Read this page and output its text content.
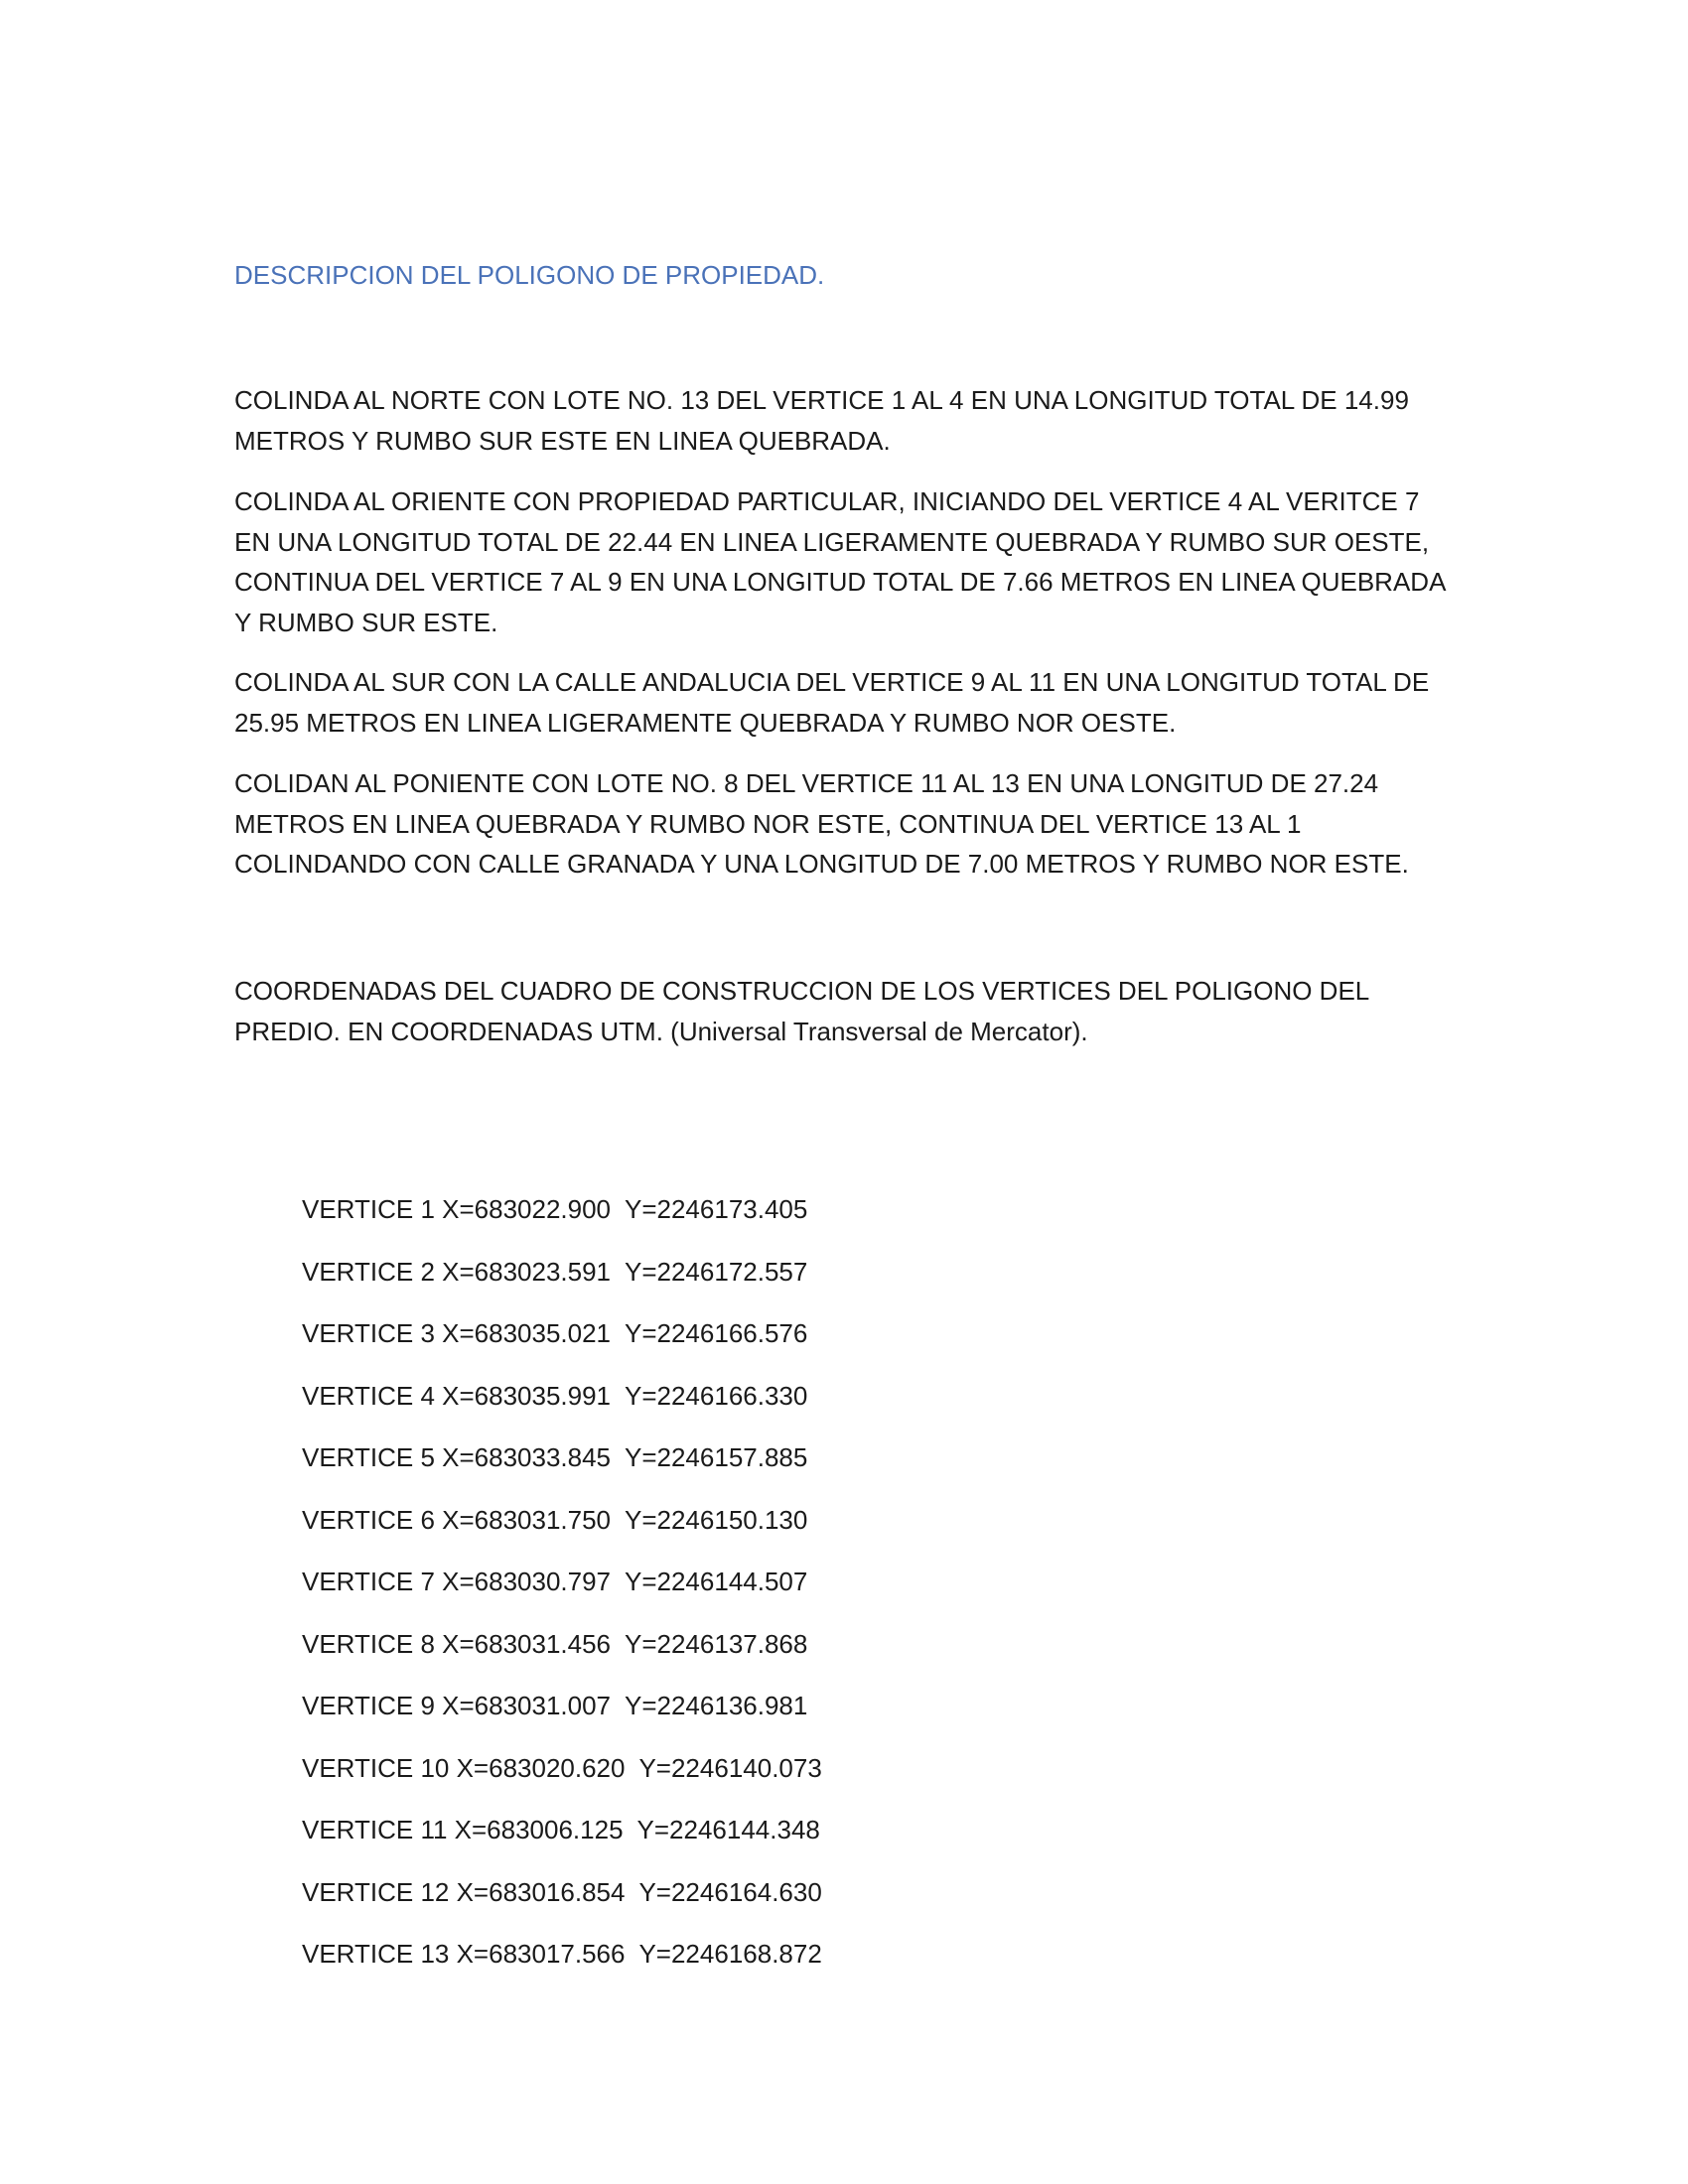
DESCRIPCION DEL POLIGONO DE PROPIEDAD.

COLINDA AL NORTE CON LOTE NO. 13 DEL VERTICE 1 AL 4 EN UNA LONGITUD TOTAL DE 14.99 METROS Y RUMBO SUR ESTE EN LINEA QUEBRADA.

COLINDA AL ORIENTE CON PROPIEDAD PARTICULAR, INICIANDO DEL VERTICE 4 AL VERITCE 7 EN UNA LONGITUD TOTAL DE 22.44 EN LINEA LIGERAMENTE QUEBRADA Y RUMBO SUR OESTE, CONTINUA DEL VERTICE 7 AL 9 EN UNA LONGITUD TOTAL DE 7.66 METROS EN LINEA QUEBRADA Y RUMBO SUR ESTE.

COLINDA AL SUR CON LA CALLE ANDALUCIA DEL VERTICE 9 AL 11 EN UNA LONGITUD TOTAL DE 25.95 METROS EN LINEA LIGERAMENTE QUEBRADA Y RUMBO NOR OESTE.

COLIDAN AL PONIENTE CON LOTE NO. 8 DEL VERTICE 11 AL 13 EN UNA LONGITUD DE 27.24 METROS EN LINEA QUEBRADA Y RUMBO NOR ESTE, CONTINUA DEL VERTICE 13 AL 1 COLINDANDO CON CALLE GRANADA Y UNA LONGITUD DE 7.00 METROS Y RUMBO NOR ESTE.

COORDENADAS DEL CUADRO DE CONSTRUCCION DE LOS VERTICES DEL POLIGONO DEL PREDIO. EN COORDENADAS UTM. (Universal Transversal de Mercator).

VERTICE 1 X=683022.900  Y=2246173.405
VERTICE 2 X=683023.591  Y=2246172.557
VERTICE 3 X=683035.021  Y=2246166.576
VERTICE 4 X=683035.991  Y=2246166.330
VERTICE 5 X=683033.845  Y=2246157.885
VERTICE 6 X=683031.750  Y=2246150.130
VERTICE 7 X=683030.797  Y=2246144.507
VERTICE 8 X=683031.456  Y=2246137.868
VERTICE 9 X=683031.007  Y=2246136.981
VERTICE 10 X=683020.620  Y=2246140.073
VERTICE 11 X=683006.125  Y=2246144.348
VERTICE 12 X=683016.854  Y=2246164.630
VERTICE 13 X=683017.566  Y=2246168.872
